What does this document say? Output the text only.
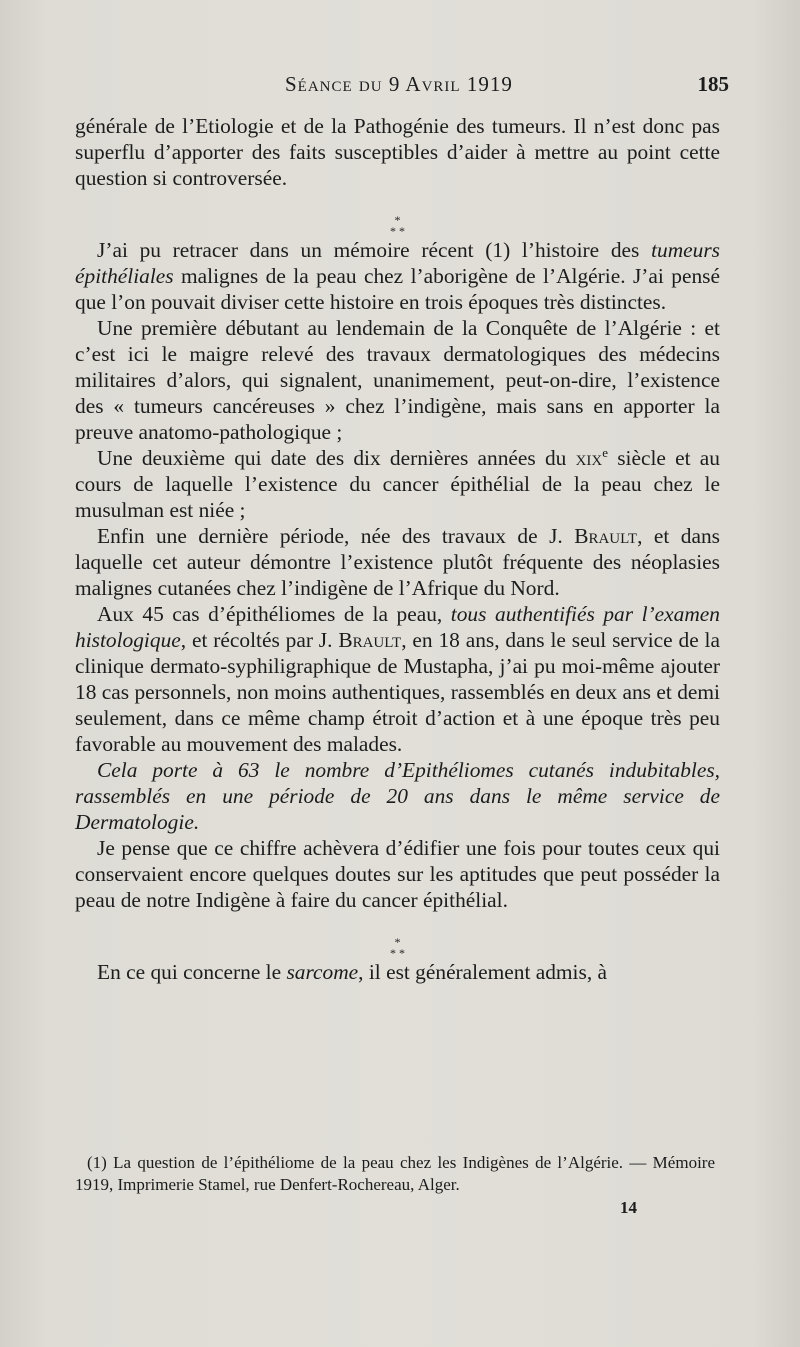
Séance du 9 Avril 1919	185

générale de l’Etiologie et de la Pathogénie des tumeurs. Il n’est donc pas superflu d’apporter des faits susceptibles d’aider à mettre au point cette question si controversée.

*
* *

J’ai pu retracer dans un mémoire récent (1) l’histoire des tumeurs épithéliales malignes de la peau chez l’aborigène de l’Algérie. J’ai pensé que l’on pouvait diviser cette histoire en trois époques très distinctes.

Une première débutant au lendemain de la Conquête de l’Algérie : et c’est ici le maigre relevé des travaux dermatologiques des médecins militaires d’alors, qui signalent, unanimement, peut-on-dire, l’existence des « tumeurs cancéreuses » chez l’indigène, mais sans en apporter la preuve anatomo-pathologique ;

Une deuxième qui date des dix dernières années du xix$^e$ siècle et au cours de laquelle l’existence du cancer épithélial de la peau chez le musulman est niée ;

Enfin une dernière période, née des travaux de J. Brault, et dans laquelle cet auteur démontre l’existence plutôt fréquente des néoplasies malignes cutanées chez l’indigène de l’Afrique du Nord.

Aux 45 cas d’épithéliomes de la peau, tous authentifiés par l’examen histologique, et récoltés par J. Brault, en 18 ans, dans le seul service de la clinique dermato-syphiligraphique de Mustapha, j’ai pu moi-même ajouter 18 cas personnels, non moins authentiques, rassemblés en deux ans et demi seulement, dans ce même champ étroit d’action et à une époque très peu favorable au mouvement des malades.

Cela porte à 63 le nombre d’Epithéliomes cutanés indubitables, rassemblés en une période de 20 ans dans le même service de Dermatologie.

Je pense que ce chiffre achèvera d’édifier une fois pour toutes ceux qui conservaient encore quelques doutes sur les aptitudes que peut posséder la peau de notre Indigène à faire du cancer épithélial.

*
* *

En ce qui concerne le sarcome, il est généralement admis, à

(1) La question de l’épithéliome de la peau chez les Indigènes de l’Algérie. — Mémoire 1919, Imprimerie Stamel, rue Denfert-Rochereau, Alger.

14
